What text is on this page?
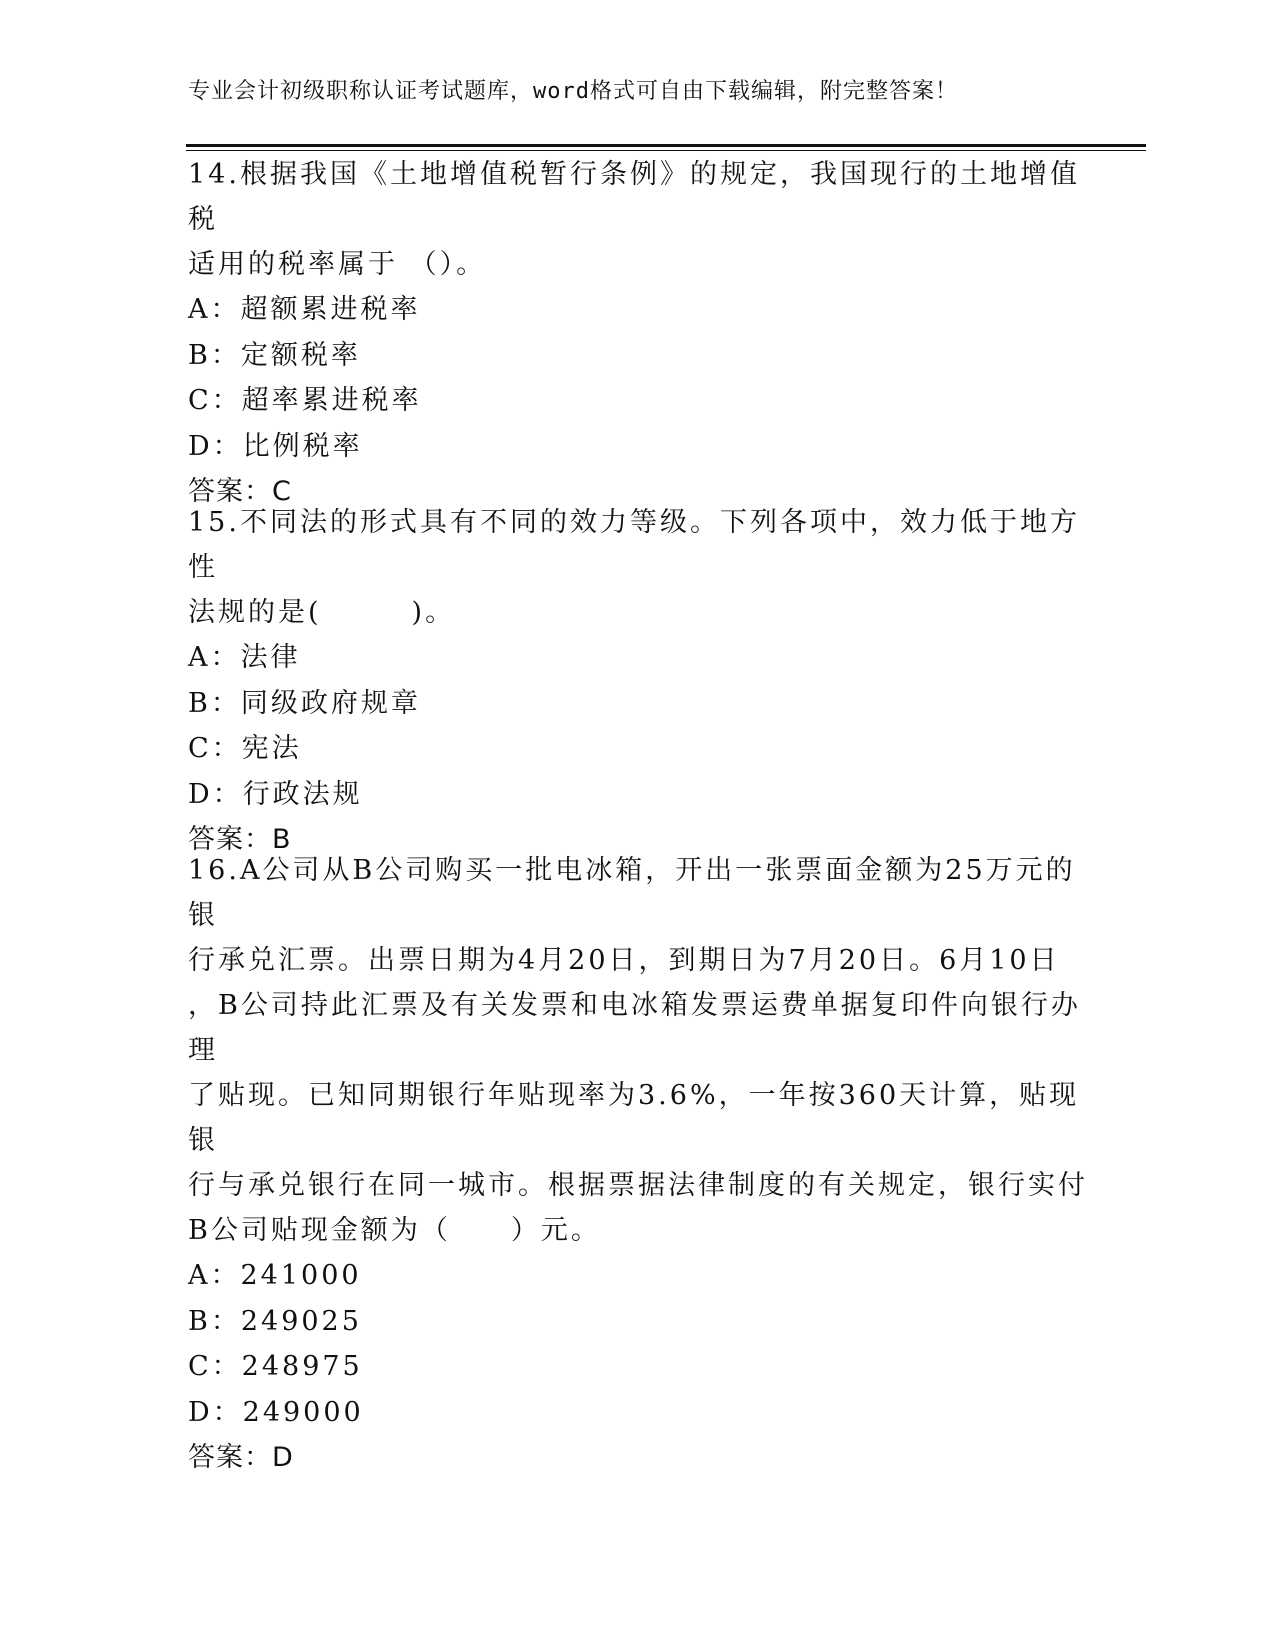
专业会计初级职称认证考试题库，word格式可自由下载编辑，附完整答案！
14.根据我国《土地增值税暂行条例》的规定，我国现行的土地增值税
适用的税率属于 （）。
A：超额累进税率
B：定额税率
C：超率累进税率
D：比例税率
答案：C
15.不同法的形式具有不同的效力等级。下列各项中，效力低于地方性
法规的是(　　　)。
A：法律
B：同级政府规章
C：宪法
D：行政法规
答案：B
16.A公司从B公司购买一批电冰箱，开出一张票面金额为25万元的银
行承兑汇票。出票日期为4月20日，到期日为7月20日。6月10日
，B公司持此汇票及有关发票和电冰箱发票运费单据复印件向银行办理
了贴现。已知同期银行年贴现率为3.6%，一年按360天计算，贴现银
行与承兑银行在同一城市。根据票据法律制度的有关规定，银行实付
B公司贴现金额为（　　）元。
A：241000
B：249025
C：248975
D：249000
答案：D
